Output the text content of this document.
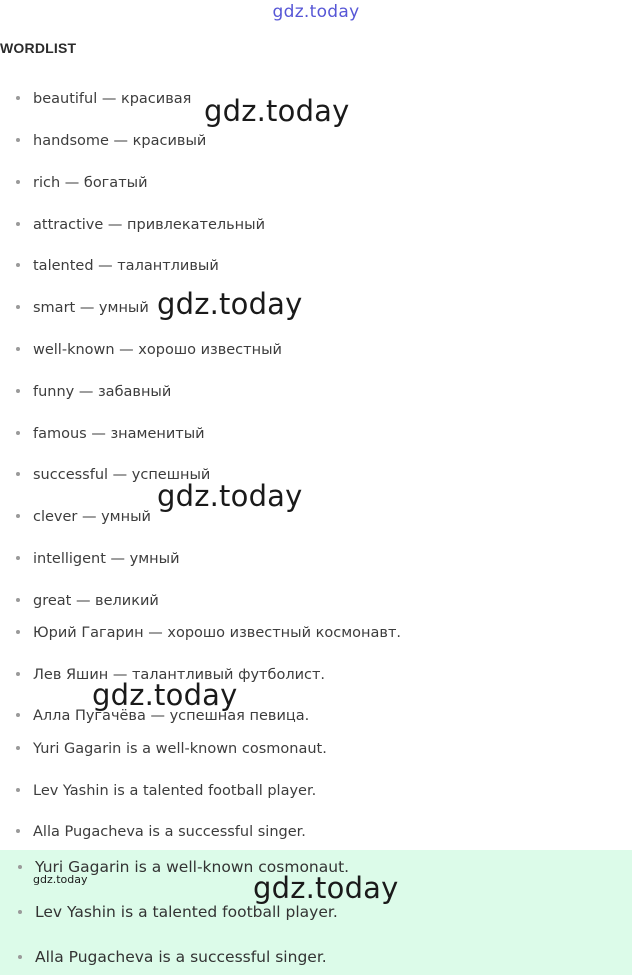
gdz.today
WORDLIST
beautiful — красивая
handsome — красивый
rich — богатый
attractive — привлекательный
talented — талантливый
smart — умный
well-known — хорошо известный
funny — забавный
famous — знаменитый
successful — успешный
clever — умный
intelligent — умный
great — великий
Юрий Гагарин — хорошо известный космонавт.
Лев Яшин — талантливый футболист.
Алла Пугачёва — успешная певица.
Yuri Gagarin is a well-known cosmonaut.
Lev Yashin is a talented football player.
Alla Pugacheva is a successful singer.
Yuri Gagarin is a well-known cosmonaut.
Lev Yashin is a talented football player.
Alla Pugacheva is a successful singer.
gdz.today
gdz.today
gdz.today
gdz.today
gdz.today
gdz.today
